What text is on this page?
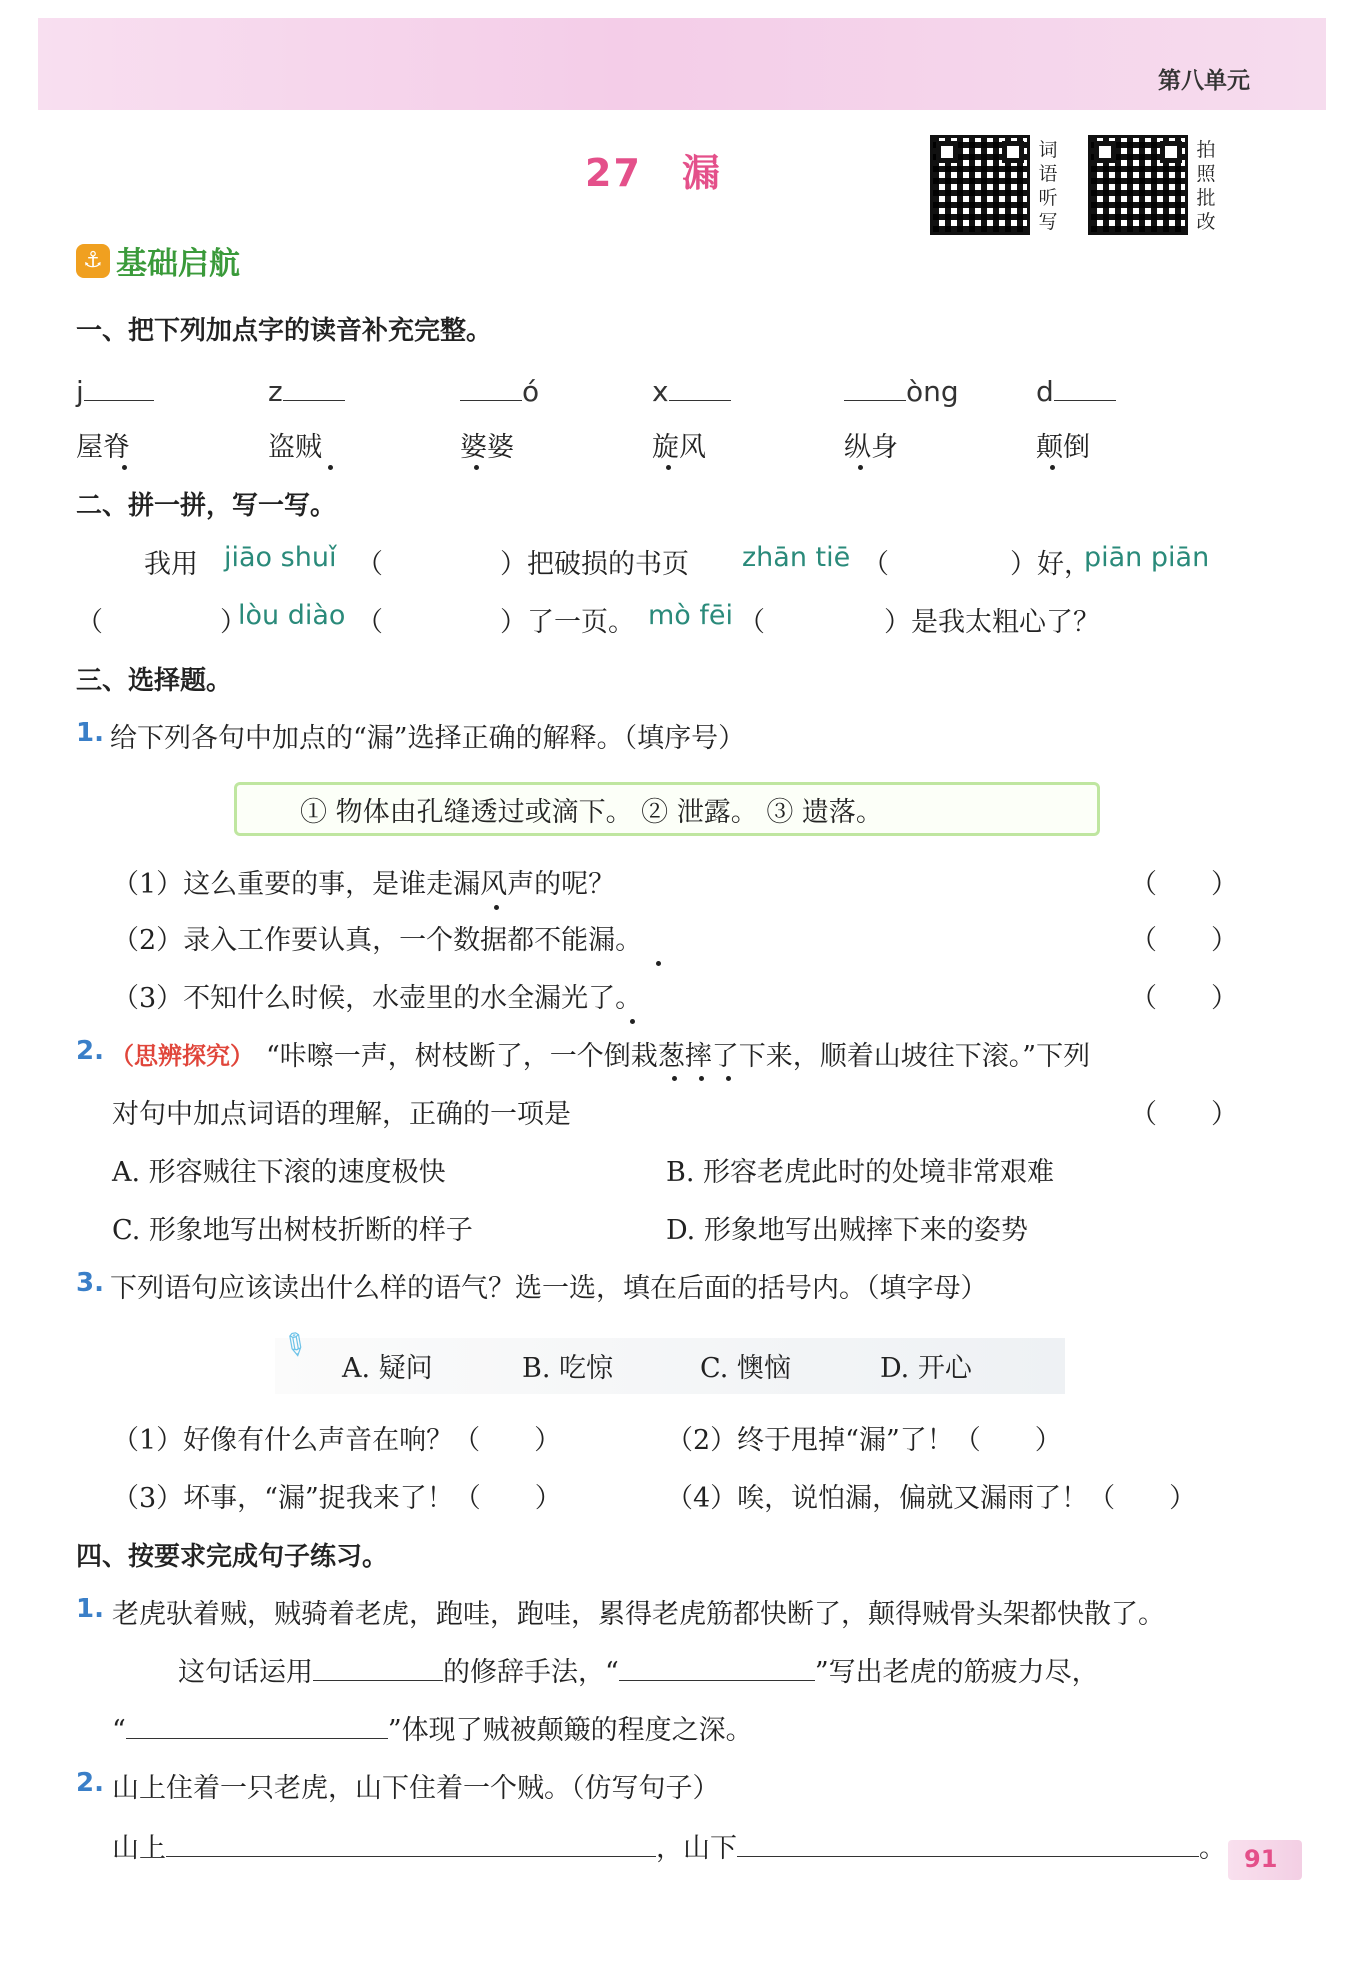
第八单元
27　漏
词
语
听
写
拍
照
批
改
⚓ 基础启航
一、把下列加点字的读音补充完整。
j	z	ó	x	òng	d
屋脊	盗贼	婆婆	旋风	纵身	颠倒
二、拼一拼，写一写。
我用 jiāo shuǐ （	）把破损的书页 zhān tiē （	）好，
piān piān
（	）
lòu diào （	）了一页。 mò fēi （	）是我太粗心了？
三、选择题。
1. 给下列各句中加点的“漏”选择正确的解释。（填序号）
① 物体由孔缝透过或滴下。 ② 泄露。 ③ 遗落。
（1）这么重要的事，是谁走漏风声的呢？	（　　）
（2）录入工作要认真，一个数据都不能漏。	（　　）
（3）不知什么时候，水壶里的水全漏光了。	（　　）
2. （思辨探究） “咔嚓一声，树枝断了，一个倒栽葱摔了下来，顺着山坡往下滚。”下列
对句中加点词语的理解，正确的一项是	（　　）
A. 形容贼往下滚的速度极快	B. 形容老虎此时的处境非常艰难
C. 形象地写出树枝折断的样子	D. 形象地写出贼摔下来的姿势
3. 下列语句应该读出什么样的语气？选一选，填在后面的括号内。（填字母）
✎
A. 疑问	B. 吃惊	C. 懊恼	D. 开心
（1）好像有什么声音在响？（　　）	（2）终于甩掉“漏”了！（　　）
（3）坏事，“漏”捉我来了！（　　）	（4）唉，说怕漏，偏就又漏雨了！（　　）
四、按要求完成句子练习。
1. 老虎驮着贼，贼骑着老虎，跑哇，跑哇，累得老虎筋都快断了，颠得贼骨头架都快散了。
这句话运用	的修辞手法，“	”写出老虎的筋疲力尽，
“	”体现了贼被颠簸的程度之深。
2. 山上住着一只老虎，山下住着一个贼。（仿写句子）
山上	，山下	。 91
